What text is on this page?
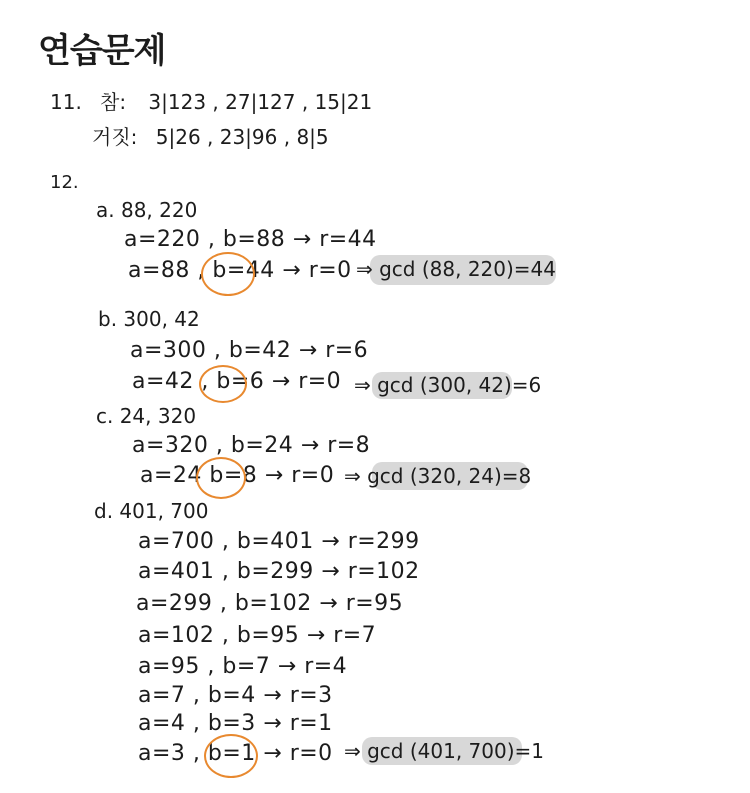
연습문제
11. 참: 3|123 , 27|127 , 15|21
거짓: 5|26 , 23|96 , 8|5
12.
a. 88, 220
a=220 , b=88 → r=44
a=88 , b=44 → r=0 ⇒ gcd (88, 220)=44
b. 300, 42
a=300 , b=42 → r=6
a=42 , b=6 → r=0 ⇒ gcd (300, 42)=6
c. 24, 320
a=320 , b=24 → r=8
a=24 b=8 → r=0 ⇒ gcd (320, 24)=8
d. 401, 700
a=700 , b=401 → r=299
a=401 , b=299 → r=102
a=299 , b=102 → r=95
a=102 , b=95 → r=7
a=95 , b=7 → r=4
a=7 , b=4 → r=3
a=4 , b=3 → r=1
a=3 , b=1 → r=0 ⇒ gcd (401, 700)=1
